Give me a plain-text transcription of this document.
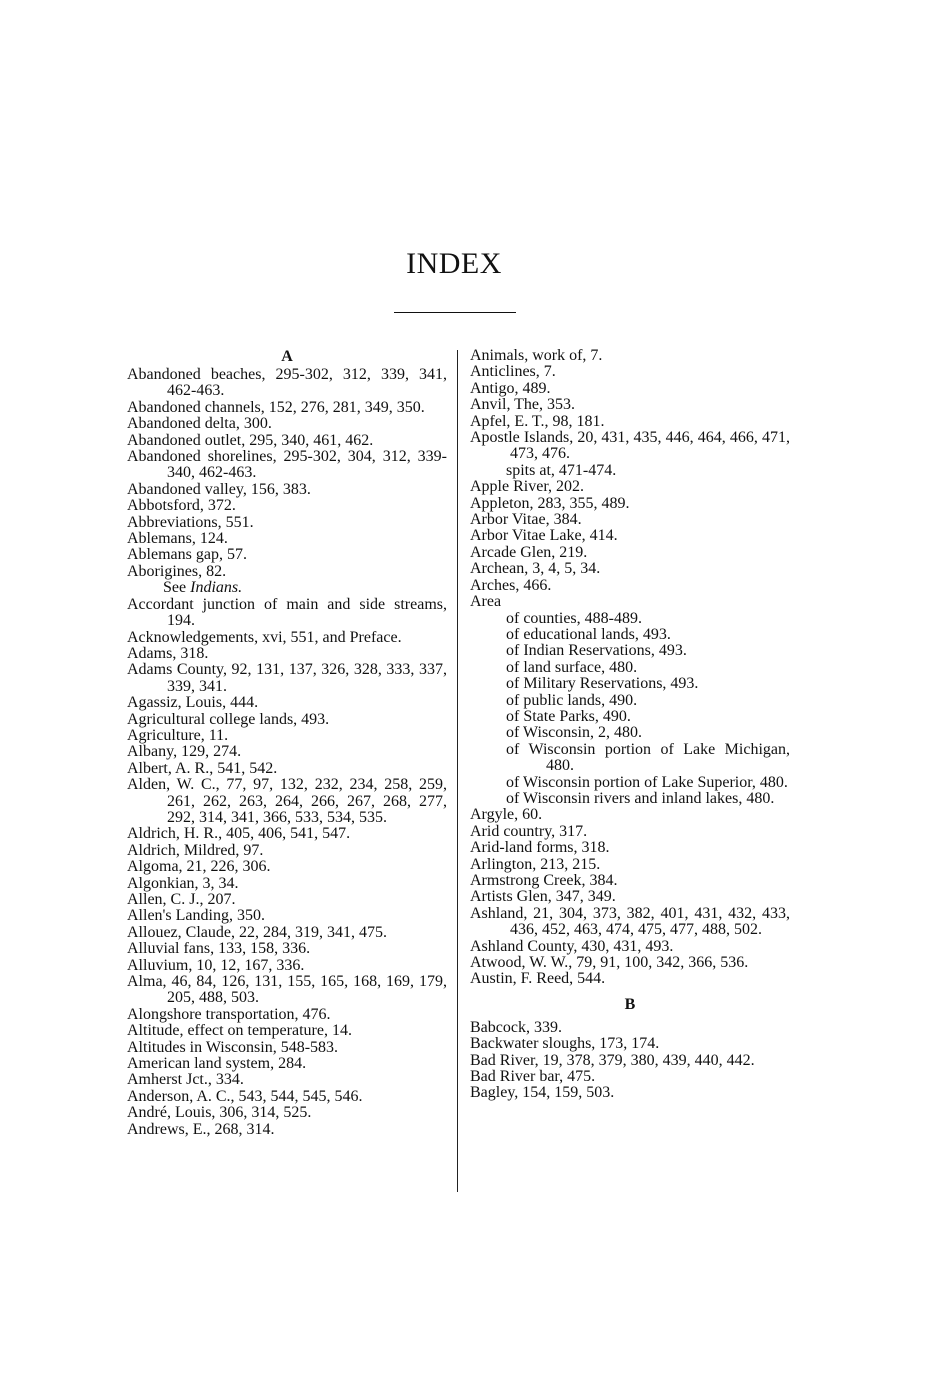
INDEX
A

Abandoned beaches, 295-302, 312, 339, 341, 462-463.

Abandoned channels, 152, 276, 281, 349, 350.

Abandoned delta, 300.

Abandoned outlet, 295, 340, 461, 462.

Abandoned shorelines, 295-302, 304, 312, 339-340, 462-463.

Abandoned valley, 156, 383.

Abbotsford, 372.

Abbreviations, 551.

Ablemans, 124.

Ablemans gap, 57.

Aborigines, 82.

See Indians.

Accordant junction of main and side streams, 194.

Acknowledgements, xvi, 551, and Preface.

Adams, 318.

Adams County, 92, 131, 137, 326, 328, 333, 337, 339, 341.

Agassiz, Louis, 444.

Agricultural college lands, 493.

Agriculture, 11.

Albany, 129, 274.

Albert, A. R., 541, 542.

Alden, W. C., 77, 97, 132, 232, 234, 258, 259, 261, 262, 263, 264, 266, 267, 268, 277, 292, 314, 341, 366, 533, 534, 535.

Aldrich, H. R., 405, 406, 541, 547.

Aldrich, Mildred, 97.

Algoma, 21, 226, 306.

Algonkian, 3, 34.

Allen, C. J., 207.

Allen's Landing, 350.

Allouez, Claude, 22, 284, 319, 341, 475.

Alluvial fans, 133, 158, 336.

Alluvium, 10, 12, 167, 336.

Alma, 46, 84, 126, 131, 155, 165, 168, 169, 179, 205, 488, 503.

Alongshore transportation, 476.

Altitude, effect on temperature, 14.

Altitudes in Wisconsin, 548-583.

American land system, 284.

Amherst Jct., 334.

Anderson, A. C., 543, 544, 545, 546.

André, Louis, 306, 314, 525.

Andrews, E., 268, 314.

Animals, work of, 7.

Anticlines, 7.

Antigo, 489.

Anvil, The, 353.

Apfel, E. T., 98, 181.

Apostle Islands, 20, 431, 435, 446, 464, 466, 471, 473, 476.

spits at, 471-474.

Apple River, 202.

Appleton, 283, 355, 489.

Arbor Vitae, 384.

Arbor Vitae Lake, 414.

Arcade Glen, 219.

Archean, 3, 4, 5, 34.

Arches, 466.

Area

of counties, 488-489.

of educational lands, 493.

of Indian Reservations, 493.

of land surface, 480.

of Military Reservations, 493.

of public lands, 490.

of State Parks, 490.

of Wisconsin, 2, 480.

of Wisconsin portion of Lake Michigan, 480.

of Wisconsin portion of Lake Superior, 480.

of Wisconsin rivers and inland lakes, 480.

Argyle, 60.

Arid country, 317.

Arid-land forms, 318.

Arlington, 213, 215.

Armstrong Creek, 384.

Artists Glen, 347, 349.

Ashland, 21, 304, 373, 382, 401, 431, 432, 433, 436, 452, 463, 474, 475, 477, 488, 502.

Ashland County, 430, 431, 493.

Atwood, W. W., 79, 91, 100, 342, 366, 536.

Austin, F. Reed, 544.

B

Babcock, 339.

Backwater sloughs, 173, 174.

Bad River, 19, 378, 379, 380, 439, 440, 442.

Bad River bar, 475.

Bagley, 154, 159, 503.
